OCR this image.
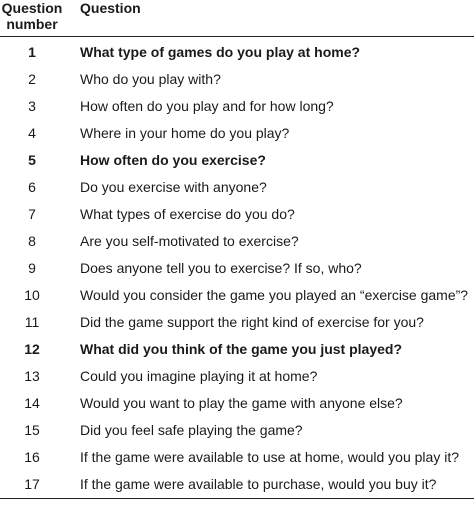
Question
number	Question
1	What type of games do you play at home?
2	Who do you play with?
3	How often do you play and for how long?
4	Where in your home do you play?
5	How often do you exercise?
6	Do you exercise with anyone?
7	What types of exercise do you do?
8	Are you self-motivated to exercise?
9	Does anyone tell you to exercise? If so, who?
10	Would you consider the game you played an “exercise game”?
11	Did the game support the right kind of exercise for you?
12	What did you think of the game you just played?
13	Could you imagine playing it at home?
14	Would you want to play the game with anyone else?
15	Did you feel safe playing the game?
16	If the game were available to use at home, would you play it?
17	If the game were available to purchase, would you buy it?
